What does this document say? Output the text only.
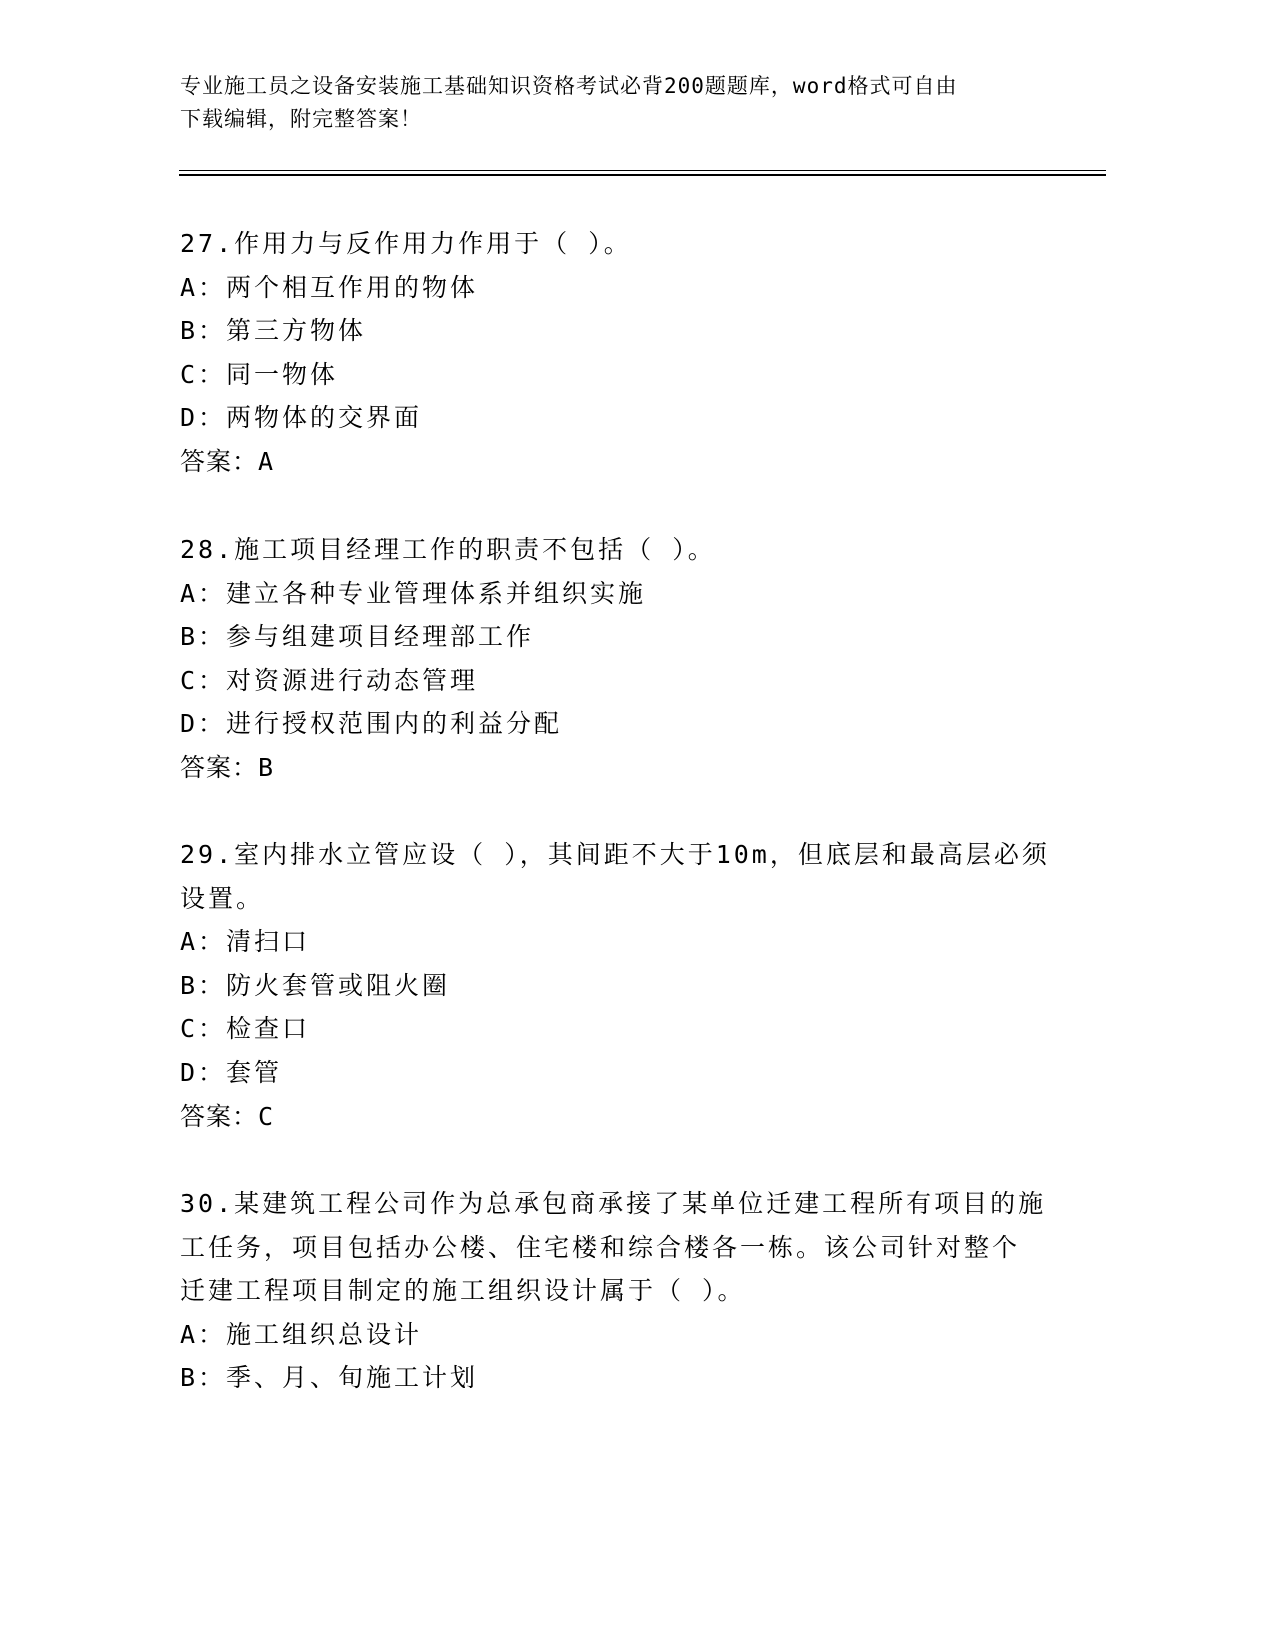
专业施工员之设备安装施工基础知识资格考试必背200题题库，word格式可自由
下载编辑，附完整答案！
27.作用力与反作用力作用于（ ）。
A：两个相互作用的物体
B：第三方物体
C：同一物体
D：两物体的交界面
答案：A
28.施工项目经理工作的职责不包括（ ）。
A：建立各种专业管理体系并组织实施
B：参与组建项目经理部工作
C：对资源进行动态管理
D：进行授权范围内的利益分配
答案：B
29.室内排水立管应设（ ），其间距不大于10m，但底层和最高层必须
设置。
A：清扫口
B：防火套管或阻火圈
C：检查口
D：套管
答案：C
30.某建筑工程公司作为总承包商承接了某单位迁建工程所有项目的施
工任务，项目包括办公楼、住宅楼和综合楼各一栋。该公司针对整个
迁建工程项目制定的施工组织设计属于（ ）。
A：施工组织总设计
B：季、月、旬施工计划
